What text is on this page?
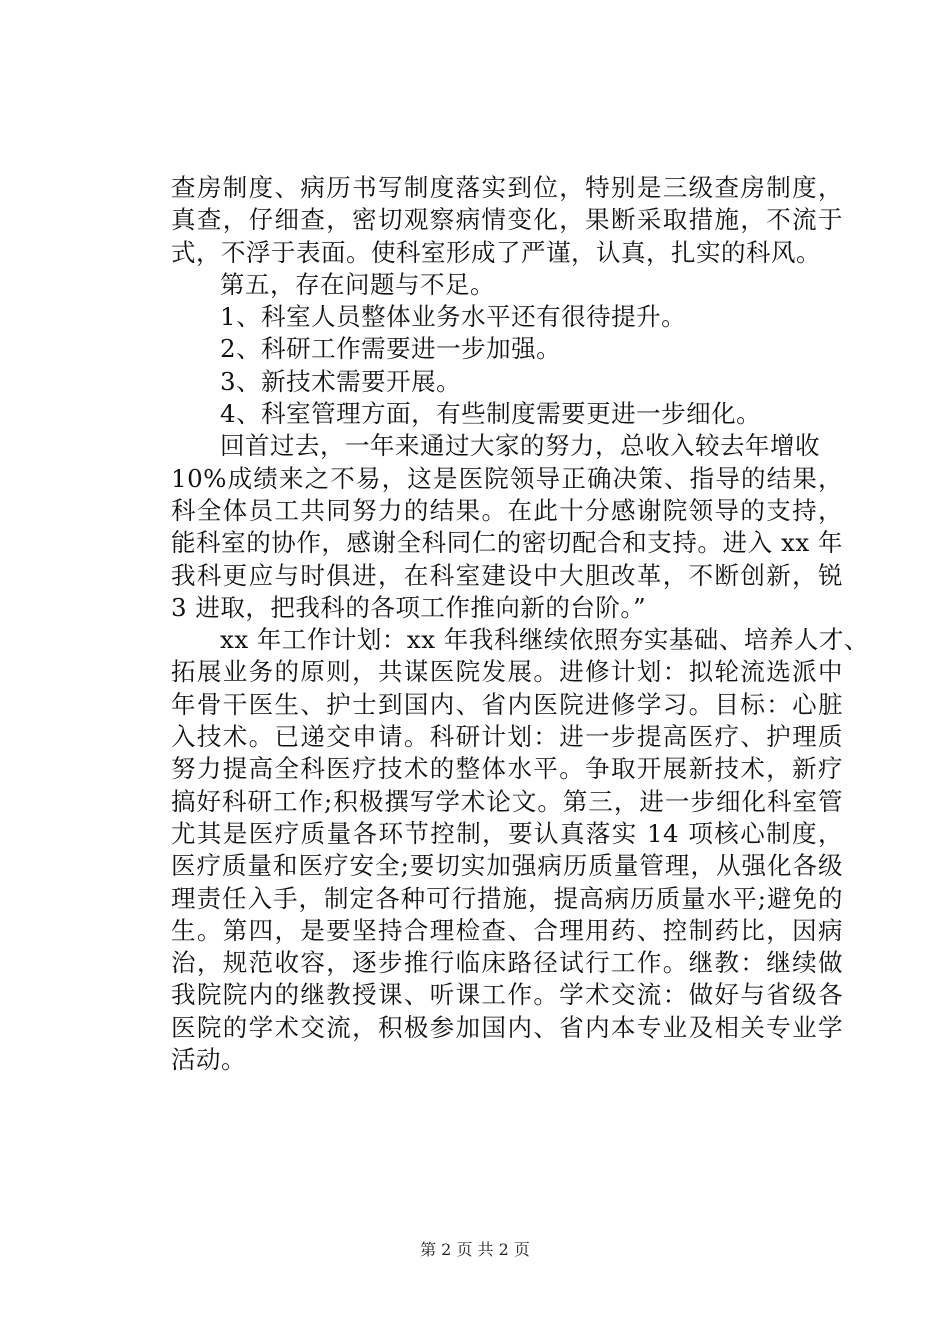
查房制度、病历书写制度落实到位，特别是三级查房制度，
真查，仔细查，密切观察病情变化，果断采取措施，不流于
式，不浮于表面。使科室形成了严谨，认真，扎实的科风。
第五，存在问题与不足。
1、科室人员整体业务水平还有很待提升。
2、科研工作需要进一步加强。
3、新技术需要开展。
4、科室管理方面，有些制度需要更进一步细化。
回首过去，一年来通过大家的努力，总收入较去年增收
10%成绩来之不易，这是医院领导正确决策、指导的结果，
科全体员工共同努力的结果。在此十分感谢院领导的支持，
能科室的协作，感谢全科同仁的密切配合和支持。进入 xx 年
我科更应与时俱进，在科室建设中大胆改革，不断创新，锐
3 进取，把我科的各项工作推向新的台阶。”
xx 年工作计划：xx 年我科继续依照夯实基础、培养人才、
拓展业务的原则，共谋医院发展。进修计划：拟轮流选派中
年骨干医生、护士到国内、省内医院进修学习。目标：心脏
入技术。已递交申请。科研计划：进一步提高医疗、护理质
努力提高全科医疗技术的整体水平。争取开展新技术，新疗
搞好科研工作;积极撰写学术论文。第三，进一步细化科室管
尤其是医疗质量各环节控制，要认真落实 14 项核心制度，
医疗质量和医疗安全;要切实加强病历质量管理，从强化各级
理责任入手，制定各种可行措施，提高病历质量水平;避免的
生。第四，是要坚持合理检查、合理用药、控制药比，因病
治，规范收容，逐步推行临床路径试行工作。继教：继续做
我院院内的继教授课、听课工作。学术交流：做好与省级各
医院的学术交流，积极参加国内、省内本专业及相关专业学
活动。
第 2 页 共 2 页
